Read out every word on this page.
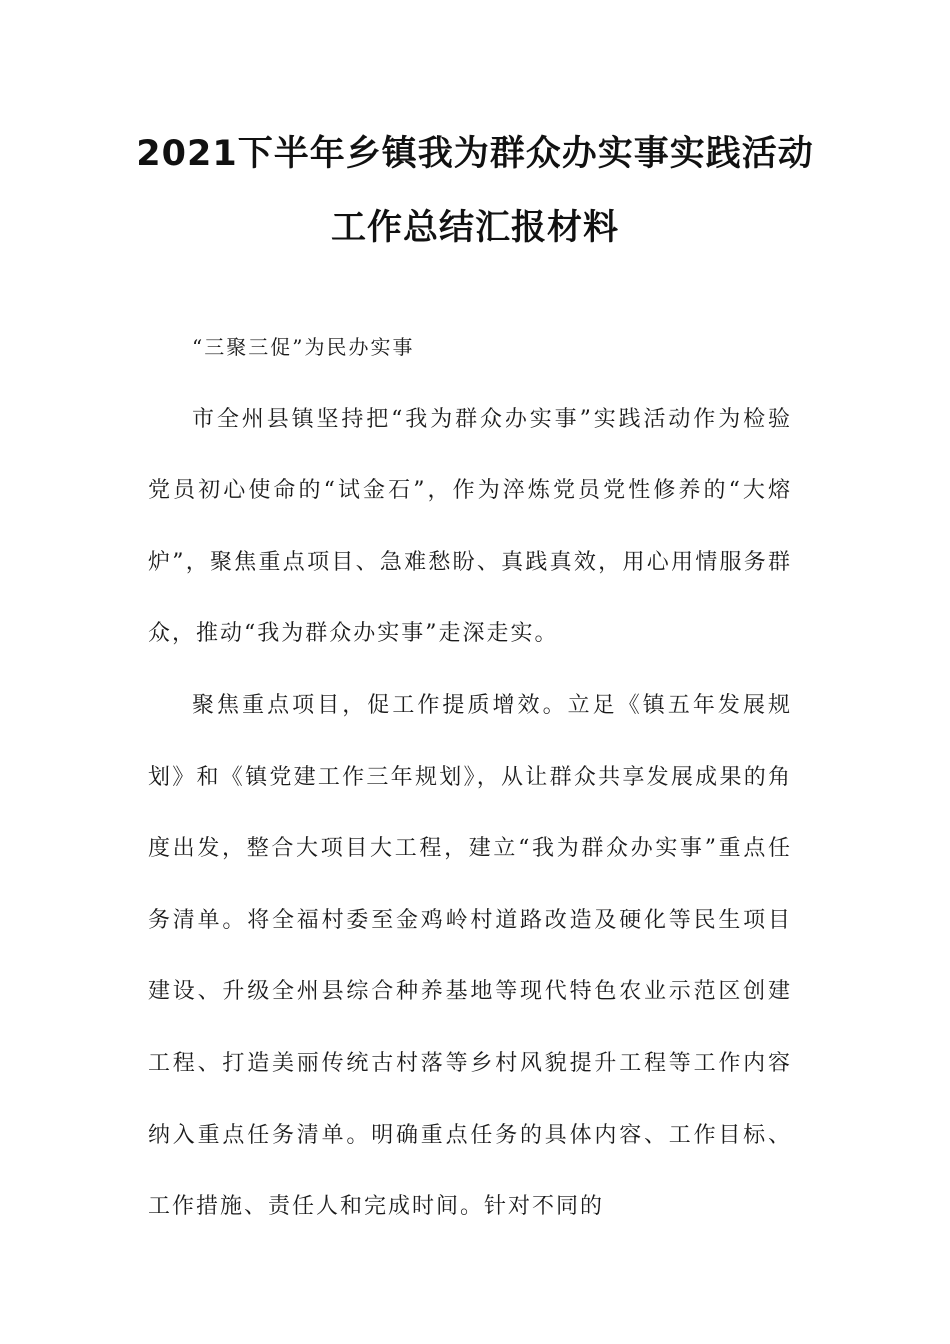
2021下半年乡镇我为群众办实事实践活动
工作总结汇报材料

“三聚三促”为民办实事

市全州县镇坚持把“我为群众办实事”实践活动作为检验党员初心使命的“试金石”，作为淬炼党员党性修养的“大熔炉”，聚焦重点项目、急难愁盼、真践真效，用心用情服务群众，推动“我为群众办实事”走深走实。

聚焦重点项目，促工作提质增效。立足《镇五年发展规划》和《镇党建工作三年规划》，从让群众共享发展成果的角度出发，整合大项目大工程，建立“我为群众办实事”重点任务清单。将全福村委至金鸡岭村道路改造及硬化等民生项目建设、升级全州县综合种养基地等现代特色农业示范区创建工程、打造美丽传统古村落等乡村风貌提升工程等工作内容纳入重点任务清单。明确重点任务的具体内容、工作目标、工作措施、责任人和完成时间。针对不同的
